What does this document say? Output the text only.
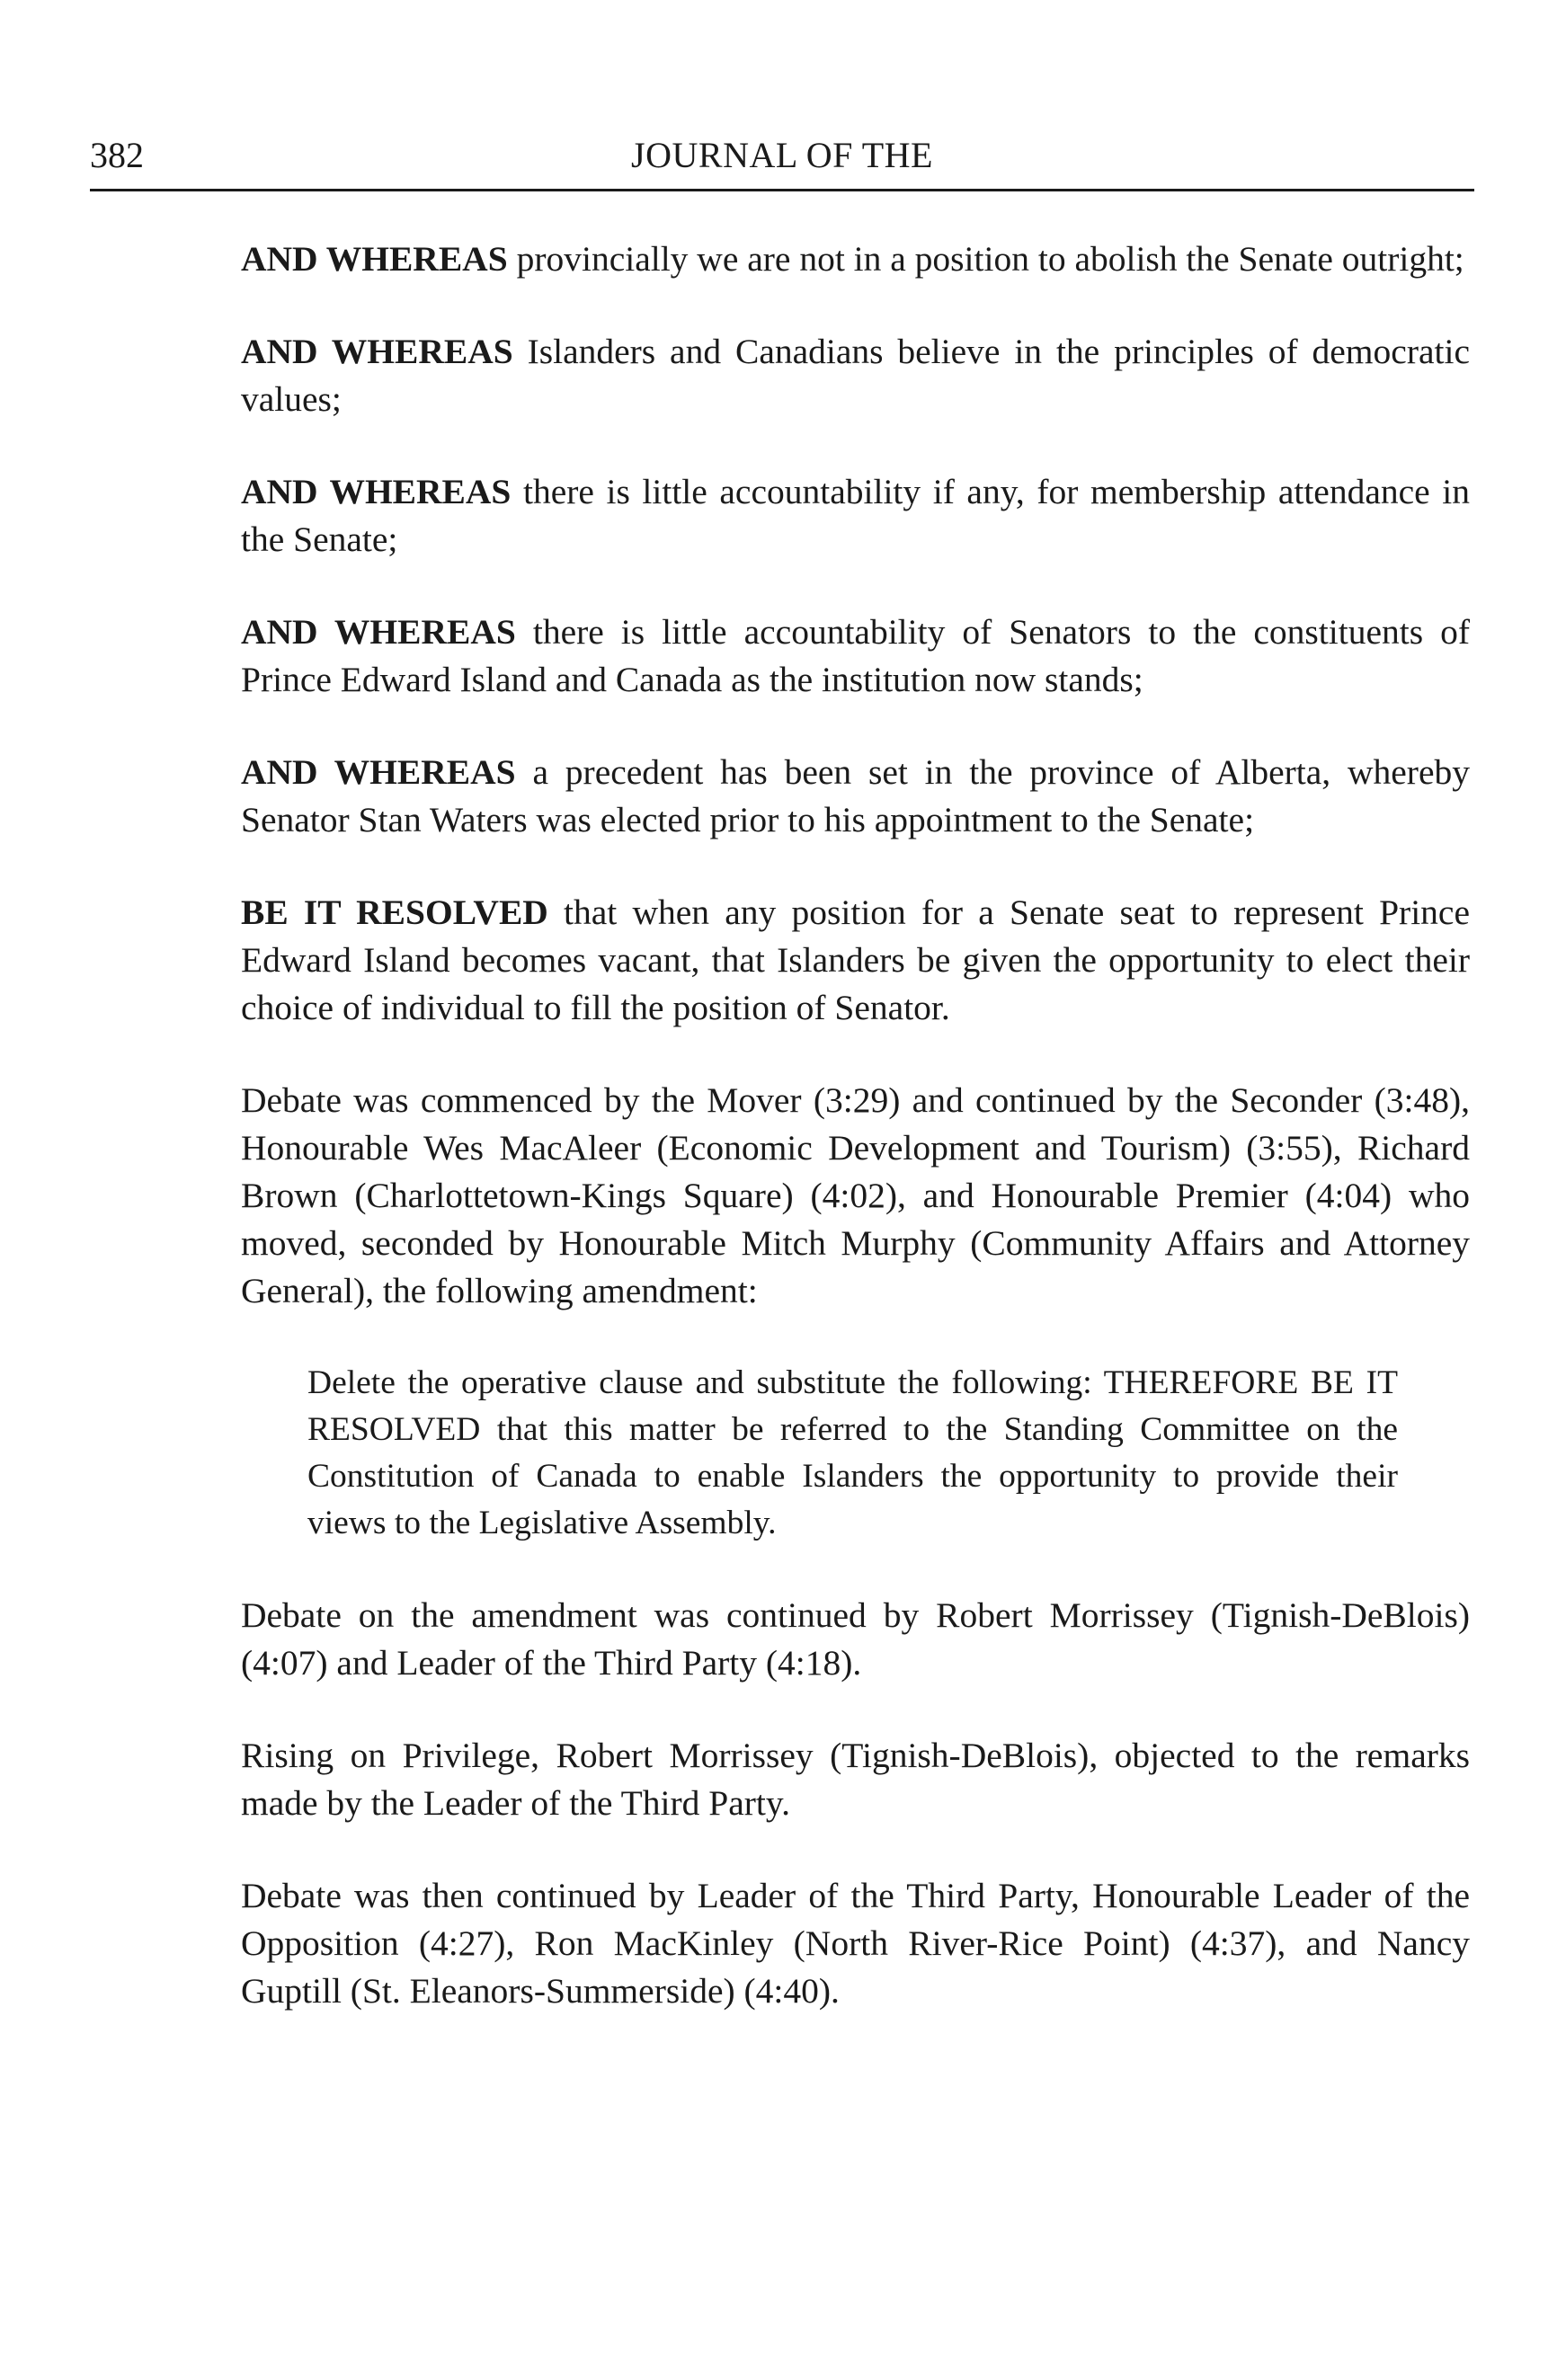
382	JOURNAL OF THE

AND WHEREAS provincially we are not in a position to abolish the Senate outright;

AND WHEREAS Islanders and Canadians believe in the principles of democratic values;

AND WHEREAS there is little accountability if any, for membership attendance in the Senate;

AND WHEREAS there is little accountability of Senators to the constituents of Prince Edward Island and Canada as the institution now stands;

AND WHEREAS a precedent has been set in the province of Alberta, whereby Senator Stan Waters was elected prior to his appointment to the Senate;

BE IT RESOLVED that when any position for a Senate seat to represent Prince Edward Island becomes vacant, that Islanders be given the opportunity to elect their choice of individual to fill the position of Senator.

Debate was commenced by the Mover (3:29) and continued by the Seconder (3:48), Honourable Wes MacAleer (Economic Development and Tourism) (3:55), Richard Brown (Charlottetown-Kings Square) (4:02), and Honourable Premier (4:04) who moved, seconded by Honourable Mitch Murphy (Community Affairs and Attorney General), the following amendment:

Delete the operative clause and substitute the following: THEREFORE BE IT RESOLVED that this matter be referred to the Standing Committee on the Constitution of Canada to enable Islanders the opportunity to provide their views to the Legislative Assembly.

Debate on the amendment was continued by Robert Morrissey (Tignish-DeBlois) (4:07) and Leader of the Third Party (4:18).

Rising on Privilege, Robert Morrissey (Tignish-DeBlois), objected to the remarks made by the Leader of the Third Party.

Debate was then continued by Leader of the Third Party, Honourable Leader of the Opposition (4:27), Ron MacKinley (North River-Rice Point) (4:37), and Nancy Guptill (St. Eleanors-Summerside) (4:40).
